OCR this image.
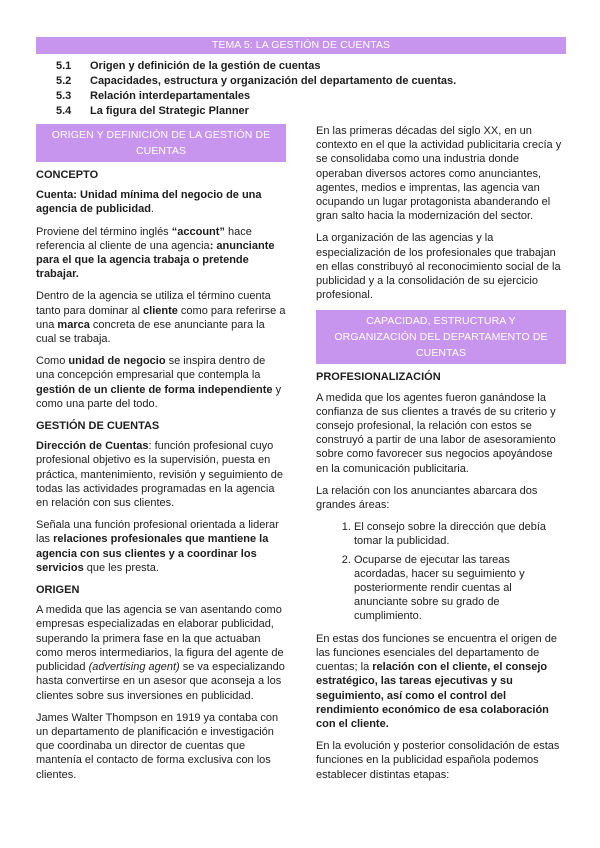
TEMA 5: LA GESTIÓN DE CUENTAS
5.1 Origen y definición de la gestión de cuentas
5.2 Capacidades, estructura y organización del departamento de cuentas.
5.3 Relación interdepartamentales
5.4 La figura del Strategic Planner
ORIGEN Y DEFINICIÓN DE LA GESTIÓN DE CUENTAS
CONCEPTO

Cuenta: Unidad mínima del negocio de una agencia de publicidad.

Proviene del término inglés “account” hace referencia al cliente de una agencia: anunciante para el que la agencia trabaja o pretende trabajar.

Dentro de la agencia se utiliza el término cuenta tanto para dominar al cliente como para referirse a una marca concreta de ese anunciante para la cual se trabaja.

Como unidad de negocio se inspira dentro de una concepción empresarial que contempla la gestión de un cliente de forma independiente y como una parte del todo.

GESTIÓN DE CUENTAS

Dirección de Cuentas: función profesional cuyo profesional objetivo es la supervisión, puesta en práctica, mantenimiento, revisión y seguimiento de todas las actividades programadas en la agencia en relación con sus clientes.

Señala una función profesional orientada a liderar las relaciones profesionales que mantiene la agencia con sus clientes y a coordinar los servicios que les presta.

ORIGEN

A medida que las agencia se van asentando como empresas especializadas en elaborar publicidad, superando la primera fase en la que actuaban como meros intermediarios, la figura del agente de publicidad (advertising agent) se va especializando hasta convertirse en un asesor que aconseja a los clientes sobre sus inversiones en publicidad.

James Walter Thompson en 1919 ya contaba con un departamento de planificación e investigación que coordinaba un director de cuentas que mantenía el contacto de forma exclusiva con los clientes.

En las primeras décadas del siglo XX, en un contexto en el que la actividad publicitaria crecía y se consolidaba como una industria donde operaban diversos actores como anunciantes, agentes, medios e imprentas, las agencia van ocupando un lugar protagonista abanderando el gran salto hacia la modernización del sector.

La organización de las agencias y la especialización de los profesionales que trabajan en ellas constribuyó al reconocimiento social de la publicidad y a la consolidación de su ejercicio profesional.

CAPACIDAD, ESTRUCTURA Y ORGANIZACIÓN DEL DEPARTAMENTO DE CUENTAS
PROFESIONALIZACIÓN

A medida que los agentes fueron ganándose la confianza de sus clientes a través de su criterio y consejo profesional, la relación con estos se construyó a partir de una labor de asesoramiento sobre como favorecer sus negocios apoyándose en la comunicación publicitaria.

La relación con los anunciantes abarcara dos grandes áreas:

1. El consejo sobre la dirección que debía tomar la publicidad.
2. Ocuparse de ejecutar las tareas acordadas, hacer su seguimiento y posteriormente rendir cuentas al anunciante sobre su grado de cumplimiento.

En estas dos funciones se encuentra el origen de las funciones esenciales del departamento de cuentas; la relación con el cliente, el consejo estratégico, las tareas ejecutivas y su seguimiento, así como el control del rendimiento económico de esa colaboración con el cliente.

En la evolución y posterior consolidación de estas funciones en la publicidad española podemos establecer distintas etapas:
